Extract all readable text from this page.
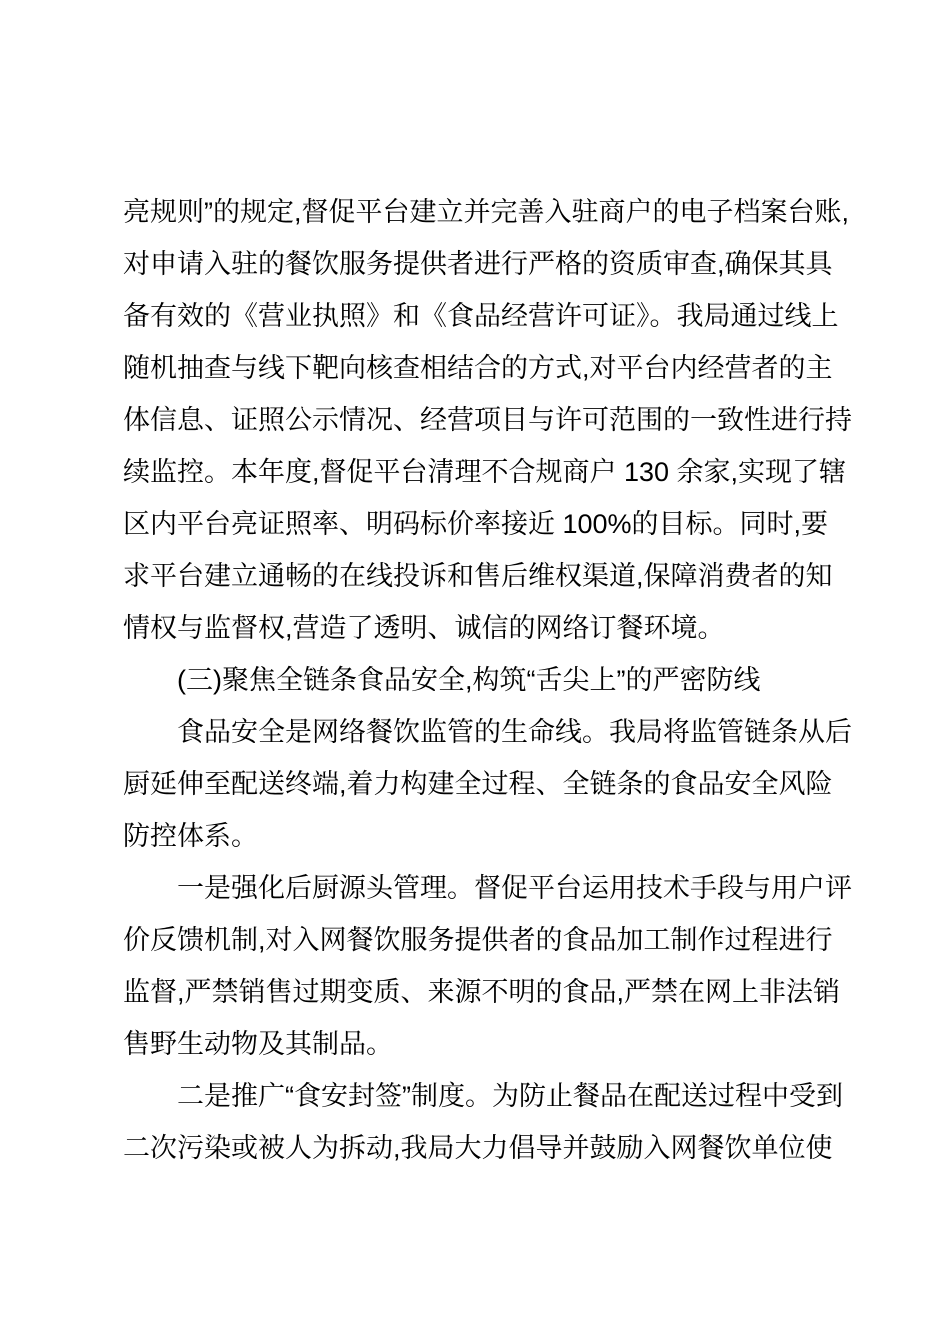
亮规则”的规定,督促平台建立并完善入驻商户的电子档案台账,
对申请入驻的餐饮服务提供者进行严格的资质审查,确保其具
备有效的《营业执照》和《食品经营许可证》。我局通过线上
随机抽查与线下靶向核查相结合的方式,对平台内经营者的主
体信息、证照公示情况、经营项目与许可范围的一致性进行持
续监控。本年度,督促平台清理不合规商户 130 余家,实现了辖
区内平台亮证照率、明码标价率接近 100%的目标。同时,要
求平台建立通畅的在线投诉和售后维权渠道,保障消费者的知
情权与监督权,营造了透明、诚信的网络订餐环境。
(三)聚焦全链条食品安全,构筑“舌尖上”的严密防线
食品安全是网络餐饮监管的生命线。我局将监管链条从后
厨延伸至配送终端,着力构建全过程、全链条的食品安全风险
防控体系。
一是强化后厨源头管理。督促平台运用技术手段与用户评
价反馈机制,对入网餐饮服务提供者的食品加工制作过程进行
监督,严禁销售过期变质、来源不明的食品,严禁在网上非法销
售野生动物及其制品。
二是推广“食安封签”制度。为防止餐品在配送过程中受到
二次污染或被人为拆动,我局大力倡导并鼓励入网餐饮单位使
